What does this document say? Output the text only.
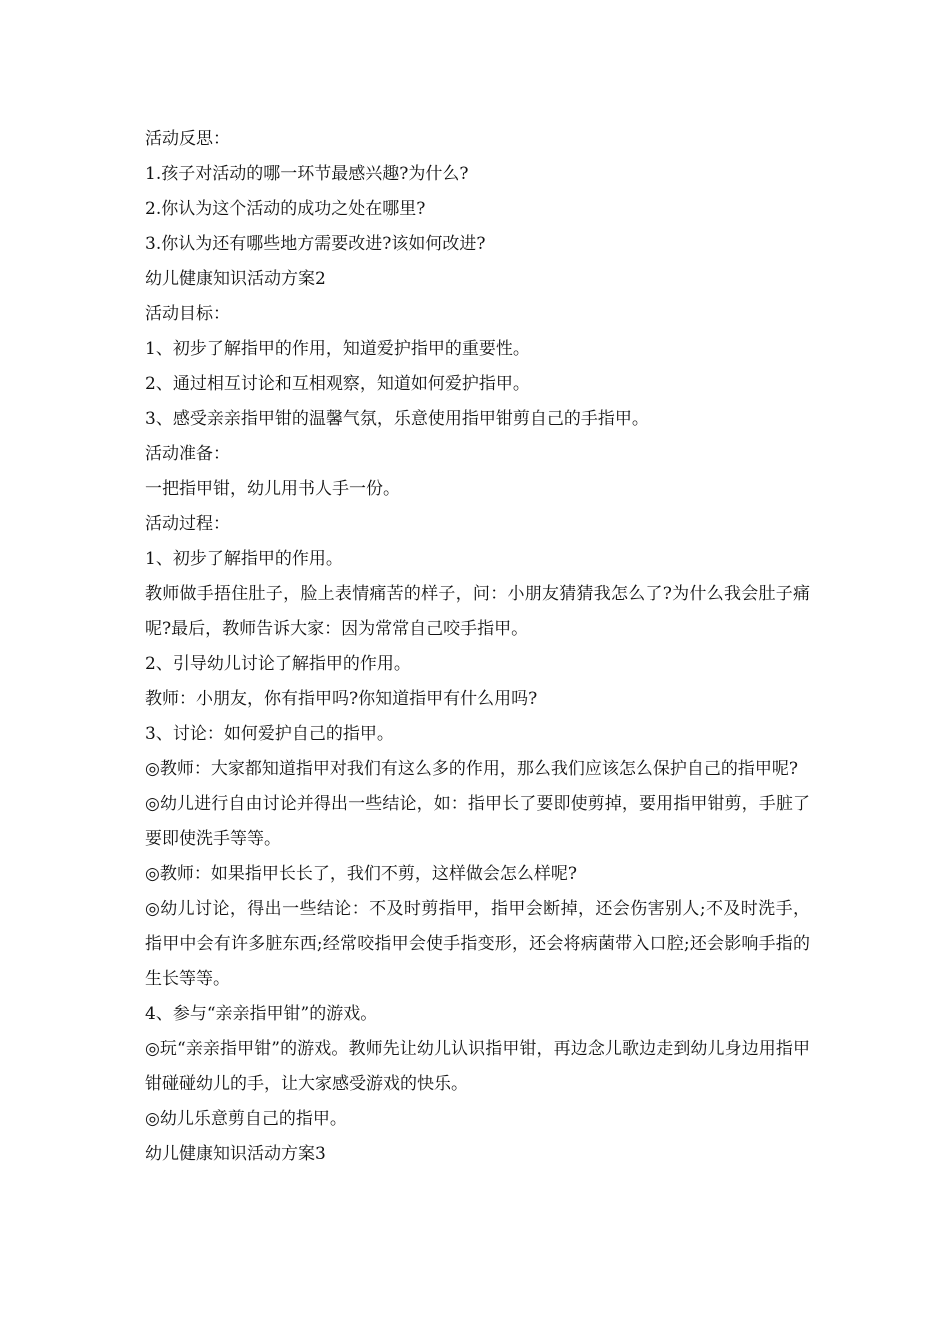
活动反思：

1.孩子对活动的哪一环节最感兴趣?为什么?

2.你认为这个活动的成功之处在哪里?

3.你认为还有哪些地方需要改进?该如何改进?

幼儿健康知识活动方案2

活动目标：

1、初步了解指甲的作用，知道爱护指甲的重要性。

2、通过相互讨论和互相观察，知道如何爱护指甲。

3、感受亲亲指甲钳的温馨气氛，乐意使用指甲钳剪自己的手指甲。

活动准备：

一把指甲钳，幼儿用书人手一份。

活动过程：

1、初步了解指甲的作用。

教师做手捂住肚子，脸上表情痛苦的样子，问：小朋友猜猜我怎么了?为什么我会肚子痛呢?最后，教师告诉大家：因为常常自己咬手指甲。

2、引导幼儿讨论了解指甲的作用。

教师：小朋友，你有指甲吗?你知道指甲有什么用吗?

3、讨论：如何爱护自己的指甲。

◎教师：大家都知道指甲对我们有这么多的作用，那么我们应该怎么保护自己的指甲呢?

◎幼儿进行自由讨论并得出一些结论，如：指甲长了要即使剪掉，要用指甲钳剪，手脏了要即使洗手等等。

◎教师：如果指甲长长了，我们不剪，这样做会怎么样呢?

◎幼儿讨论，得出一些结论：不及时剪指甲，指甲会断掉，还会伤害别人;不及时洗手，指甲中会有许多脏东西;经常咬指甲会使手指变形，还会将病菌带入口腔;还会影响手指的生长等等。

4、参与“亲亲指甲钳”的游戏。

◎玩“亲亲指甲钳”的游戏。教师先让幼儿认识指甲钳，再边念儿歌边走到幼儿身边用指甲钳碰碰幼儿的手，让大家感受游戏的快乐。

◎幼儿乐意剪自己的指甲。

幼儿健康知识活动方案3
